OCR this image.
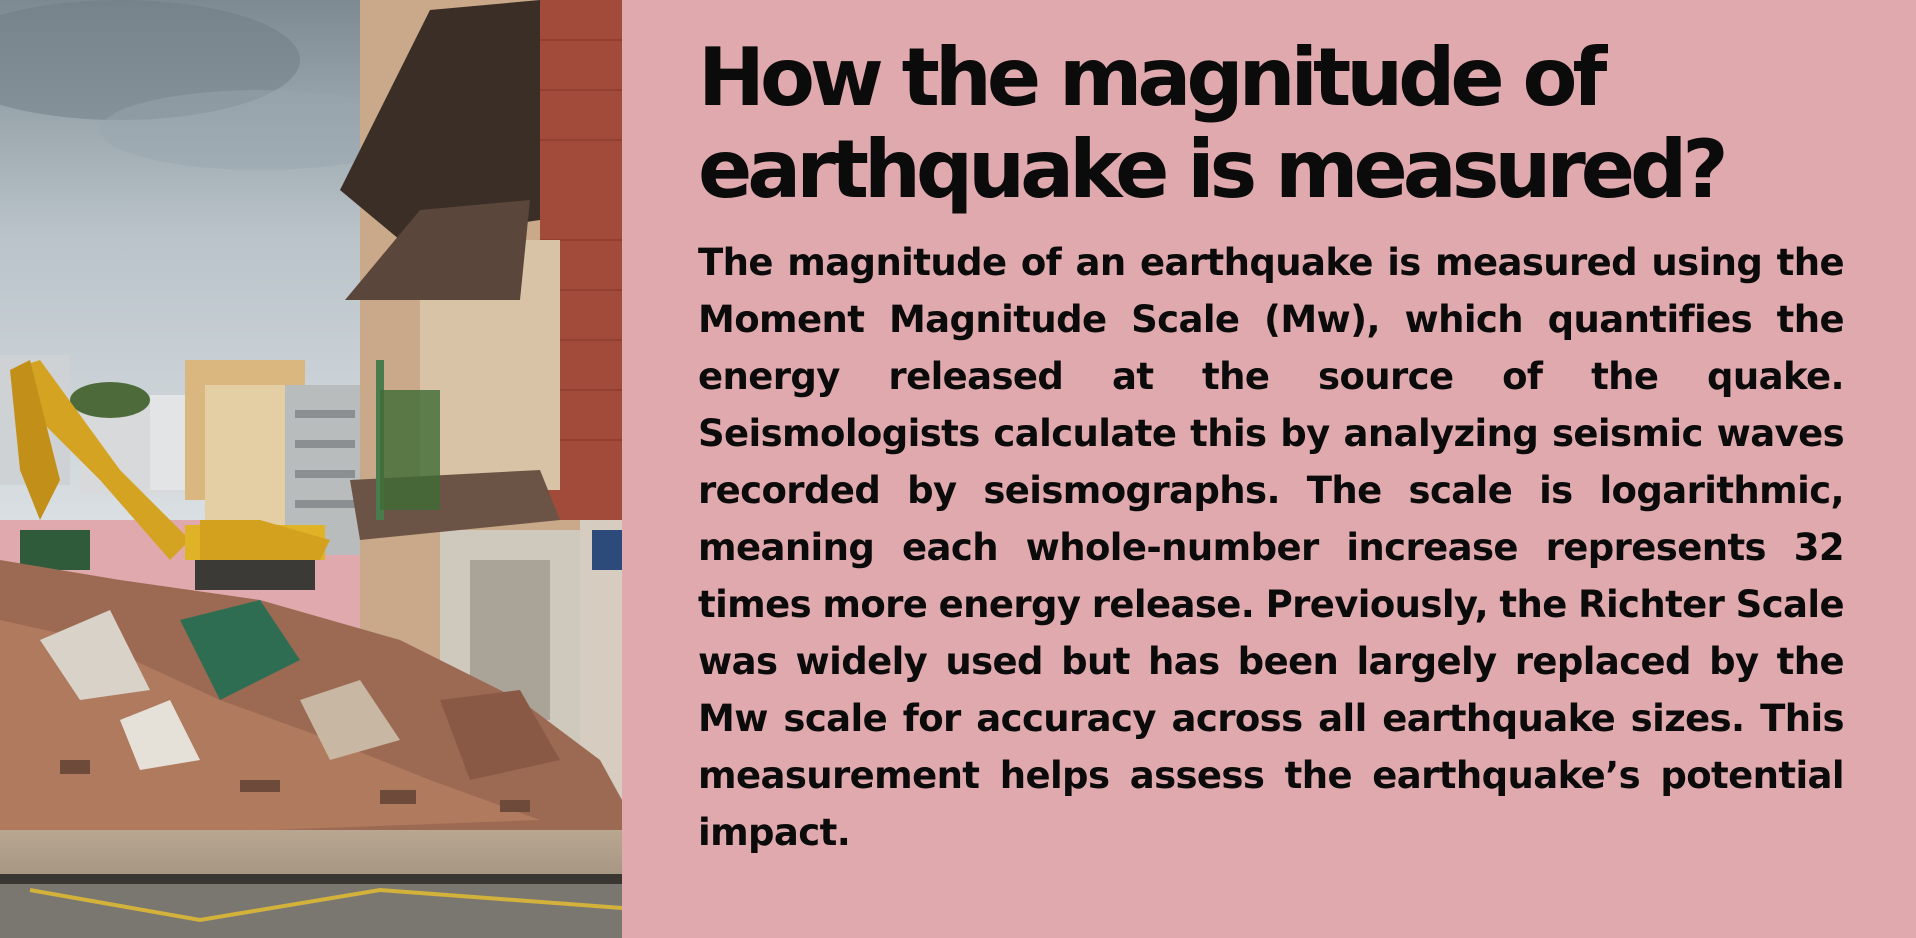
How the magnitude of
earthquake is measured?

The magnitude of an earthquake is measured using the Moment Magnitude Scale (Mw), which quantifies the energy released at the source of the quake. Seismologists calculate this by analyzing seismic waves recorded by seismographs. The scale is logarithmic, meaning each whole-number increase represents 32 times more energy release. Previously, the Richter Scale was widely used but has been largely replaced by the Mw scale for accuracy across all earthquake sizes. This measurement helps assess the earthquake’s potential impact.
